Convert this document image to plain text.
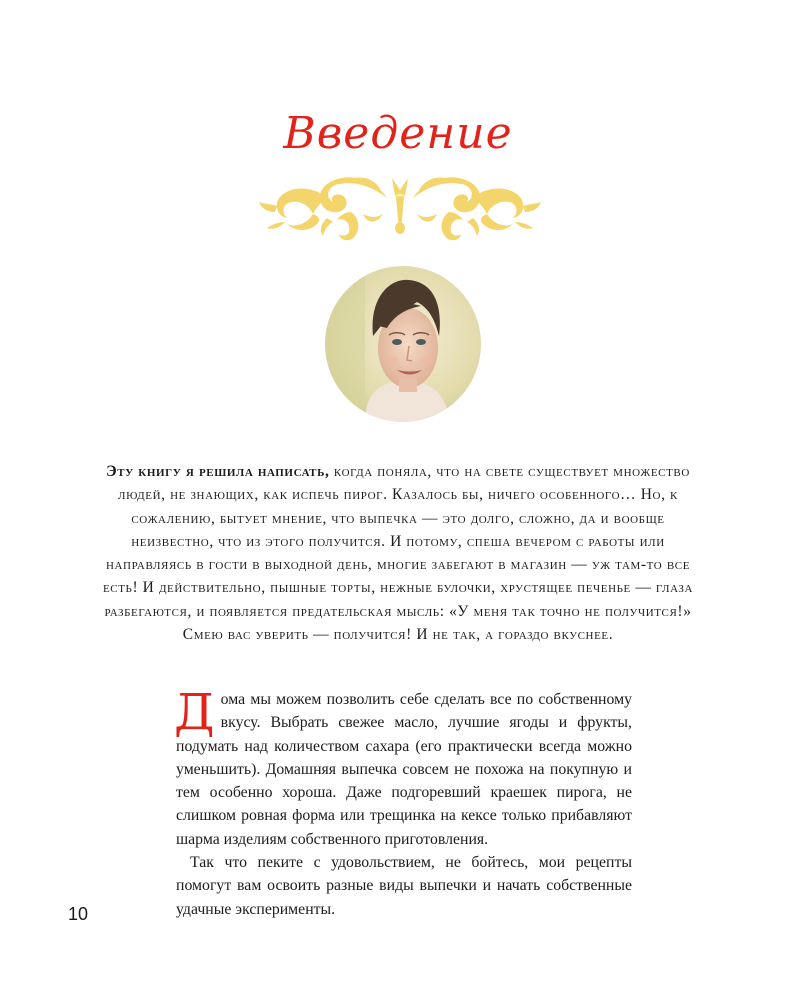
Введение
Эту книгу я решила написать, когда поняла, что на свете существует множество людей, не знающих, как испечь пирог. Казалось бы, ничего особенного… Но, к сожалению, бытует мнение, что выпечка — это долго, сложно, да и вообще неизвестно, что из этого получится. И потому, спеша вечером с работы или направляясь в гости в выходной день, многие забегают в магазин — уж там-то все есть! И действительно, пышные торты, нежные булочки, хрустящее печенье — глаза разбегаются, и появляется предательская мысль: «У меня так точно не получится!» Смею вас уверить — получится! И не так, а гораздо вкуснее.

Дома мы можем позволить себе сделать все по собственному вкусу. Выбрать свежее масло, лучшие ягоды и фрукты, подумать над количеством сахара (его практически всегда можно уменьшить). Домашняя выпечка совсем не похожа на покупную и тем особенно хороша. Даже подгоревший краешек пирога, не слишком ровная форма или трещинка на кексе только прибавляют шарма изделиям собственного приготовления.

Так что пеките с удовольствием, не бойтесь, мои рецепты помогут вам освоить разные виды выпечки и начать собственные удачные эксперименты.

10
